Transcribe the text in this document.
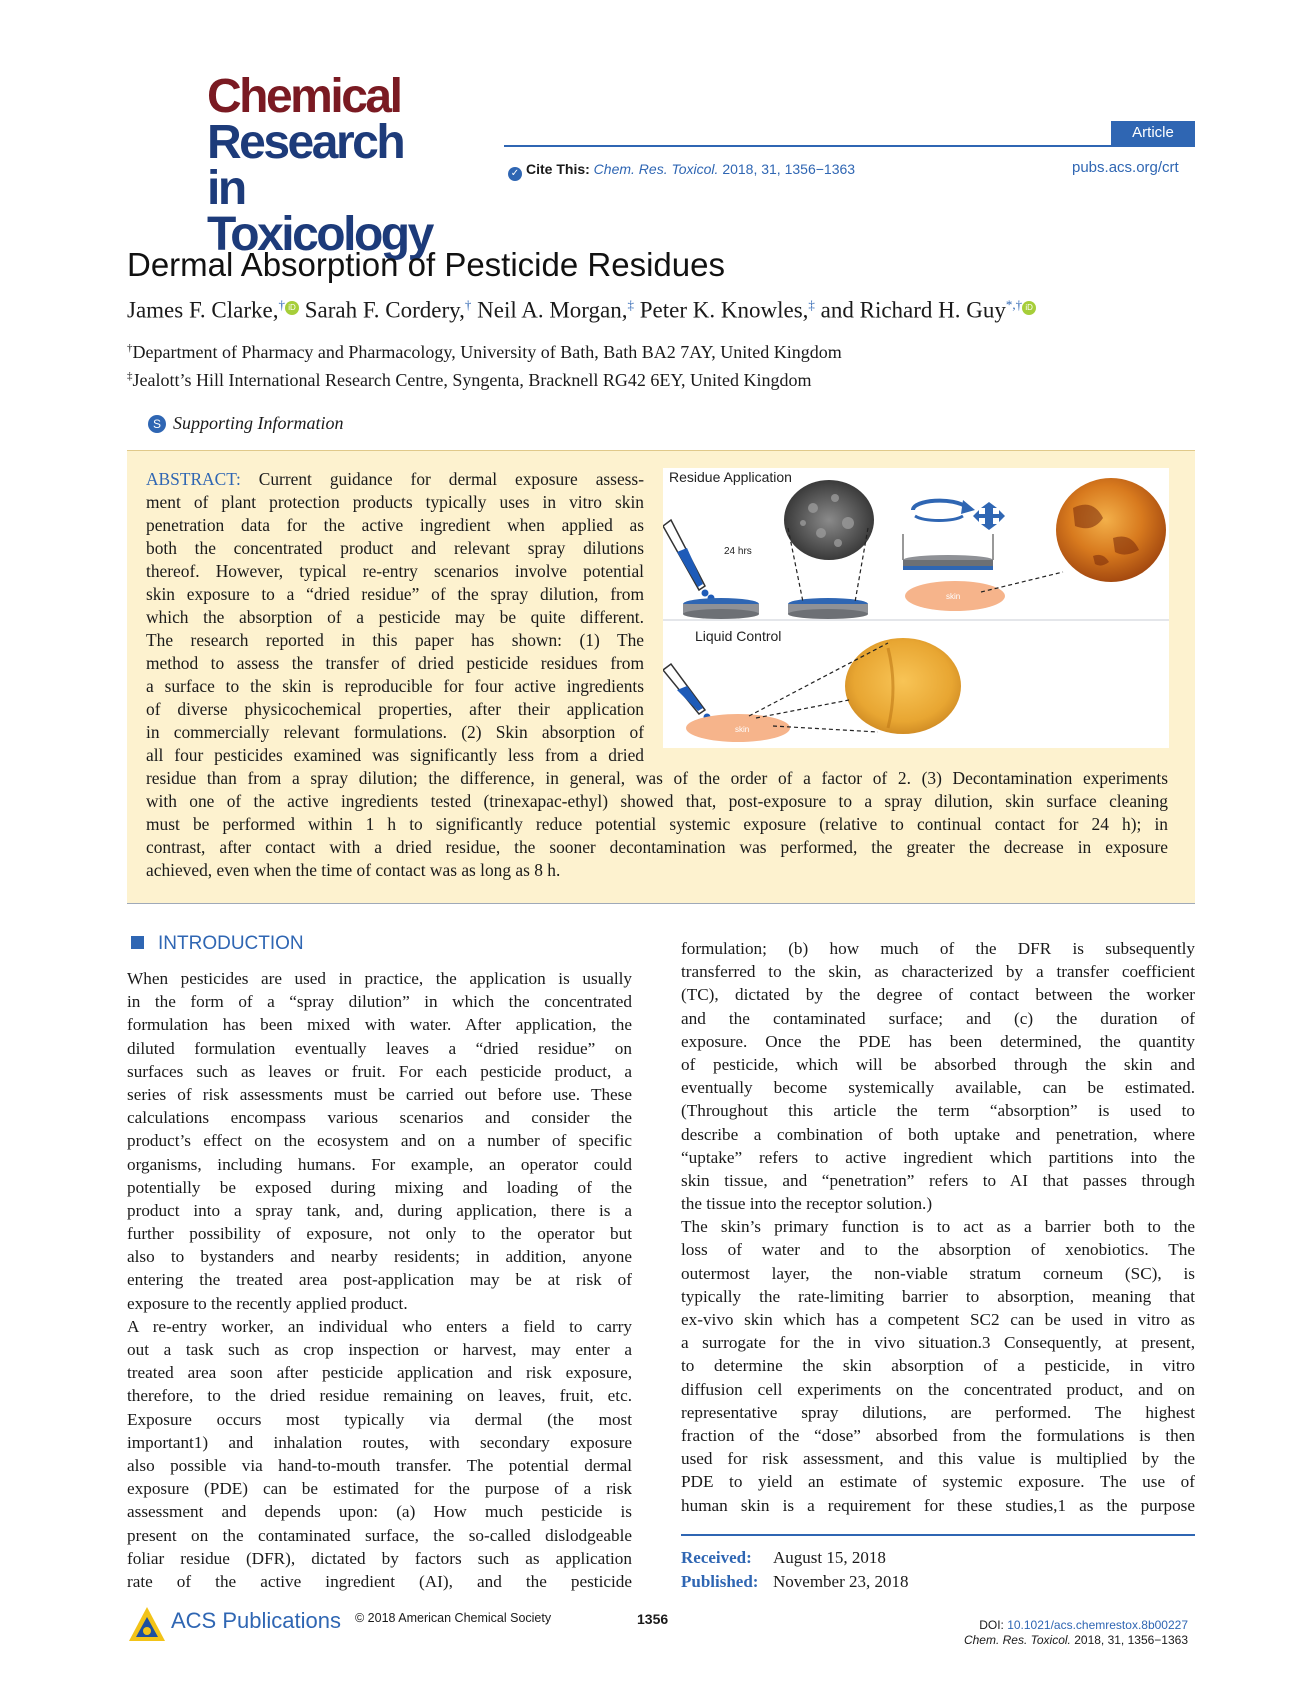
Chemical
Research in
Toxicology
Article
✓ Cite This: Chem. Res. Toxicol. 2018, 31, 1356−1363	pubs.acs.org/crt
Dermal Absorption of Pesticide Residues
James F. Clarke,† iD Sarah F. Cordery,† Neil A. Morgan,‡ Peter K. Knowles,‡ and Richard H. Guy*,† iD
†Department of Pharmacy and Pharmacology, University of Bath, Bath BA2 7AY, United Kingdom
‡Jealott’s Hill International Research Centre, Syngenta, Bracknell RG42 6EY, United Kingdom
S Supporting Information
ABSTRACT: Current guidance for dermal exposure assess-
ment of plant protection products typically uses in vitro skin
penetration data for the active ingredient when applied as
both the concentrated product and relevant spray dilutions
thereof. However, typical re-entry scenarios involve potential
skin exposure to a “dried residue” of the spray dilution, from
which the absorption of a pesticide may be quite different.
The research reported in this paper has shown: (1) The
method to assess the transfer of dried pesticide residues from
a surface to the skin is reproducible for four active ingredients
of diverse physicochemical properties, after their application
in commercially relevant formulations. (2) Skin absorption of
all four pesticides examined was significantly less from a dried
residue than from a spray dilution; the difference, in general, was of the order of a factor of 2. (3) Decontamination experiments
with one of the active ingredients tested (trinexapac-ethyl) showed that, post-exposure to a spray dilution, skin surface cleaning
must be performed within 1 h to significantly reduce potential systemic exposure (relative to continual contact for 24 h); in
contrast, after contact with a dried residue, the sooner decontamination was performed, the greater the decrease in exposure
achieved, even when the time of contact was as long as 8 h.
Residue Application
24 hrs
Liquid Control
skin
skin
INTRODUCTION
When pesticides are used in practice, the application is usually
in the form of a “spray dilution” in which the concentrated
formulation has been mixed with water. After application, the
diluted formulation eventually leaves a “dried residue” on
surfaces such as leaves or fruit. For each pesticide product, a
series of risk assessments must be carried out before use. These
calculations encompass various scenarios and consider the
product’s effect on the ecosystem and on a number of specific
organisms, including humans. For example, an operator could
potentially be exposed during mixing and loading of the
product into a spray tank, and, during application, there is a
further possibility of exposure, not only to the operator but
also to bystanders and nearby residents; in addition, anyone
entering the treated area post-application may be at risk of
exposure to the recently applied product.
A re-entry worker, an individual who enters a field to carry
out a task such as crop inspection or harvest, may enter a
treated area soon after pesticide application and risk exposure,
therefore, to the dried residue remaining on leaves, fruit, etc.
Exposure occurs most typically via dermal (the most
important1) and inhalation routes, with secondary exposure
also possible via hand-to-mouth transfer. The potential dermal
exposure (PDE) can be estimated for the purpose of a risk
assessment and depends upon: (a) How much pesticide is
present on the contaminated surface, the so-called dislodgeable
foliar residue (DFR), dictated by factors such as application
rate of the active ingredient (AI), and the pesticide
formulation; (b) how much of the DFR is subsequently
transferred to the skin, as characterized by a transfer coefficient
(TC), dictated by the degree of contact between the worker
and the contaminated surface; and (c) the duration of
exposure. Once the PDE has been determined, the quantity
of pesticide, which will be absorbed through the skin and
eventually become systemically available, can be estimated.
(Throughout this article the term “absorption” is used to
describe a combination of both uptake and penetration, where
“uptake” refers to active ingredient which partitions into the
skin tissue, and “penetration” refers to AI that passes through
the tissue into the receptor solution.)
The skin’s primary function is to act as a barrier both to the
loss of water and to the absorption of xenobiotics. The
outermost layer, the non-viable stratum corneum (SC), is
typically the rate-limiting barrier to absorption, meaning that
ex-vivo skin which has a competent SC2 can be used in vitro as
a surrogate for the in vivo situation.3 Consequently, at present,
to determine the skin absorption of a pesticide, in vitro
diffusion cell experiments on the concentrated product, and on
representative spray dilutions, are performed. The highest
fraction of the “dose” absorbed from the formulations is then
used for risk assessment, and this value is multiplied by the
PDE to yield an estimate of systemic exposure. The use of
human skin is a requirement for these studies,1 as the purpose
Received: August 15, 2018
Published: November 23, 2018
ACS Publications © 2018 American Chemical Society	1356	DOI: 10.1021/acs.chemrestox.8b00227
Chem. Res. Toxicol. 2018, 31, 1356−1363
